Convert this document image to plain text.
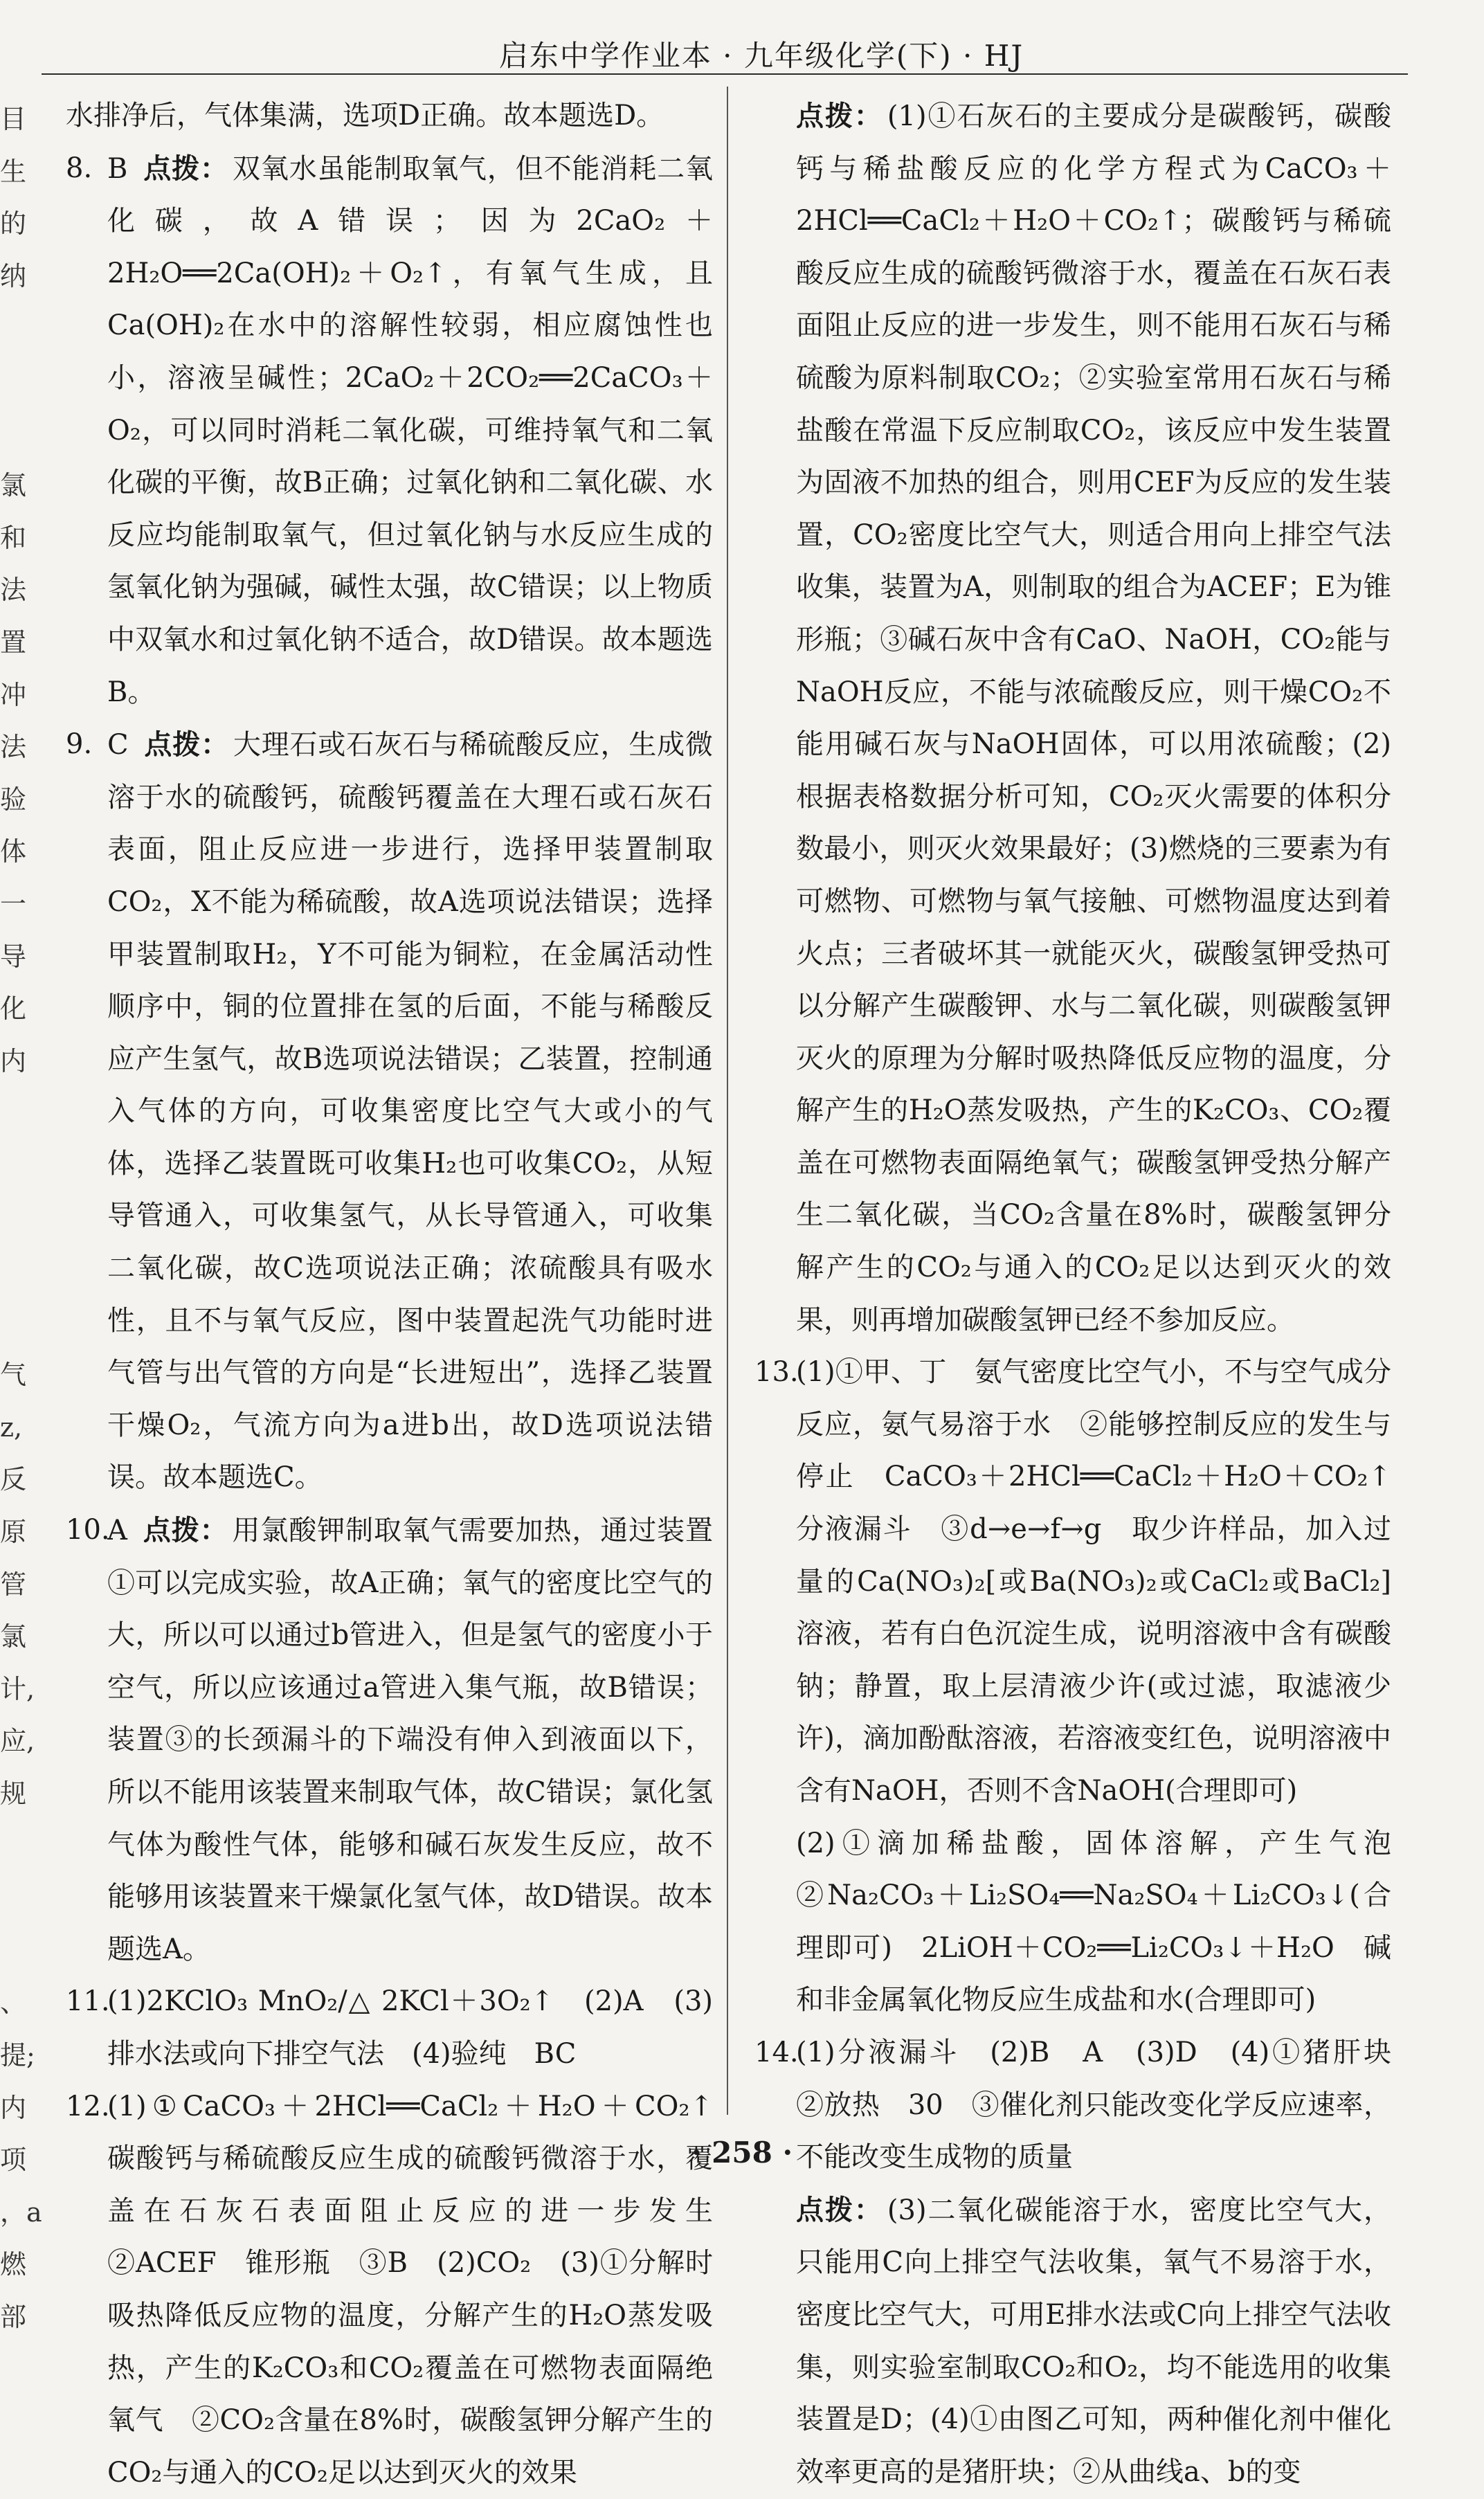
启东中学作业本 · 九年级化学(下) · HJ
目
生
的
纳
氯
和
法
置
冲
法
验
体
一
导
化
内
气
z,
反
原
管
氯
计,
应,
规
、
提;
内
项
，a
燃
部
水排净后，气体集满，选项D正确。故本题选D。
8. B 点拨： 双氧水虽能制取氧气，但不能消耗二氧化碳，故A错误；因为2CaO₂＋2H₂O══2Ca(OH)₂＋O₂↑，有氧气生成，且Ca(OH)₂在水中的溶解性较弱，相应腐蚀性也小，溶液呈碱性；2CaO₂＋2CO₂══2CaCO₃＋O₂，可以同时消耗二氧化碳，可维持氧气和二氧化碳的平衡，故B正确；过氧化钠和二氧化碳、水反应均能制取氧气，但过氧化钠与水反应生成的氢氧化钠为强碱，碱性太强，故C错误；以上物质中双氧水和过氧化钠不适合，故D错误。故本题选B。
9. C 点拨： 大理石或石灰石与稀硫酸反应，生成微溶于水的硫酸钙，硫酸钙覆盖在大理石或石灰石表面，阻止反应进一步进行，选择甲装置制取CO₂，X不能为稀硫酸，故A选项说法错误；选择甲装置制取H₂，Y不可能为铜粒，在金属活动性顺序中，铜的位置排在氢的后面，不能与稀酸反应产生氢气，故B选项说法错误；乙装置，控制通入气体的方向，可收集密度比空气大或小的气体，选择乙装置既可收集H₂也可收集CO₂，从短导管通入，可收集氢气，从长导管通入，可收集二氧化碳，故C选项说法正确；浓硫酸具有吸水性，且不与氧气反应，图中装置起洗气功能时进气管与出气管的方向是“长进短出”，选择乙装置干燥O₂，气流方向为a进b出，故D选项说法错误。故本题选C。
10.
A 点拨： 用氯酸钾制取氧气需要加热，通过装置①可以完成实验，故A正确；氧气的密度比空气的大，所以可以通过b管进入，但是氢气的密度小于空气，所以应该通过a管进入集气瓶，故B错误；装置③的长颈漏斗的下端没有伸入到液面以下，所以不能用该装置来制取气体，故C错误；氯化氢气体为酸性气体，能够和碱石灰发生反应，故不能够用该装置来干燥氯化氢气体，故D错误。故本题选A。
11.
(1)2KClO₃ MnO₂/△ 2KCl＋3O₂↑　(2)A　(3)排水法或向下排空气法　(4)验纯　BC
12.
(1)①CaCO₃＋2HCl══CaCl₂＋H₂O＋CO₂↑　碳酸钙与稀硫酸反应生成的硫酸钙微溶于水，覆盖在石灰石表面阻止反应的进一步发生　②ACEF　锥形瓶　③B　(2)CO₂　(3)①分解时吸热降低反应物的温度，分解产生的H₂O蒸发吸热，产生的K₂CO₃和CO₂覆盖在可燃物表面隔绝氧气　②CO₂含量在8%时，碳酸氢钾分解产生的CO₂与通入的CO₂足以达到灭火的效果
点拨： (1)①石灰石的主要成分是碳酸钙，碳酸钙与稀盐酸反应的化学方程式为CaCO₃＋2HCl══CaCl₂＋H₂O＋CO₂↑；碳酸钙与稀硫酸反应生成的硫酸钙微溶于水，覆盖在石灰石表面阻止反应的进一步发生，则不能用石灰石与稀硫酸为原料制取CO₂；②实验室常用石灰石与稀盐酸在常温下反应制取CO₂，该反应中发生装置为固液不加热的组合，则用CEF为反应的发生装置，CO₂密度比空气大，则适合用向上排空气法收集，装置为A，则制取的组合为ACEF；E为锥形瓶；③碱石灰中含有CaO、NaOH，CO₂能与NaOH反应，不能与浓硫酸反应，则干燥CO₂不能用碱石灰与NaOH固体，可以用浓硫酸；(2)根据表格数据分析可知，CO₂灭火需要的体积分数最小，则灭火效果最好；(3)燃烧的三要素为有可燃物、可燃物与氧气接触、可燃物温度达到着火点；三者破坏其一就能灭火，碳酸氢钾受热可以分解产生碳酸钾、水与二氧化碳，则碳酸氢钾灭火的原理为分解时吸热降低反应物的温度，分解产生的H₂O蒸发吸热，产生的K₂CO₃、CO₂覆盖在可燃物表面隔绝氧气；碳酸氢钾受热分解产生二氧化碳，当CO₂含量在8%时，碳酸氢钾分解产生的CO₂与通入的CO₂足以达到灭火的效果，则再增加碳酸氢钾已经不参加反应。
13.
(1)①甲、丁　氨气密度比空气小，不与空气成分反应，氨气易溶于水　②能够控制反应的发生与停止　CaCO₃＋2HCl══CaCl₂＋H₂O＋CO₂↑　分液漏斗　③d→e→f→g　取少许样品，加入过量的Ca(NO₃)₂[或Ba(NO₃)₂或CaCl₂或BaCl₂]溶液，若有白色沉淀生成，说明溶液中含有碳酸钠；静置，取上层清液少许(或过滤，取滤液少许)，滴加酚酞溶液，若溶液变红色，说明溶液中含有NaOH，否则不含NaOH(合理即可)
(2)①滴加稀盐酸，固体溶解，产生气泡　②Na₂CO₃＋Li₂SO₄══Na₂SO₄＋Li₂CO₃↓(合理即可)　2LiOH＋CO₂══Li₂CO₃↓＋H₂O　碱和非金属氧化物反应生成盐和水(合理即可)
14.
(1)分液漏斗　(2)B　A　(3)D　(4)①猪肝块　②放热　30　③催化剂只能改变化学反应速率，不能改变生成物的质量
点拨： (3)二氧化碳能溶于水，密度比空气大，只能用C向上排空气法收集，氧气不易溶于水，密度比空气大，可用E排水法或C向上排空气法收集，则实验室制取CO₂和O₂，均不能选用的收集装置是D；(4)①由图乙可知，两种催化剂中催化效率更高的是猪肝块；②从曲线a、b的变
· 258 ·
